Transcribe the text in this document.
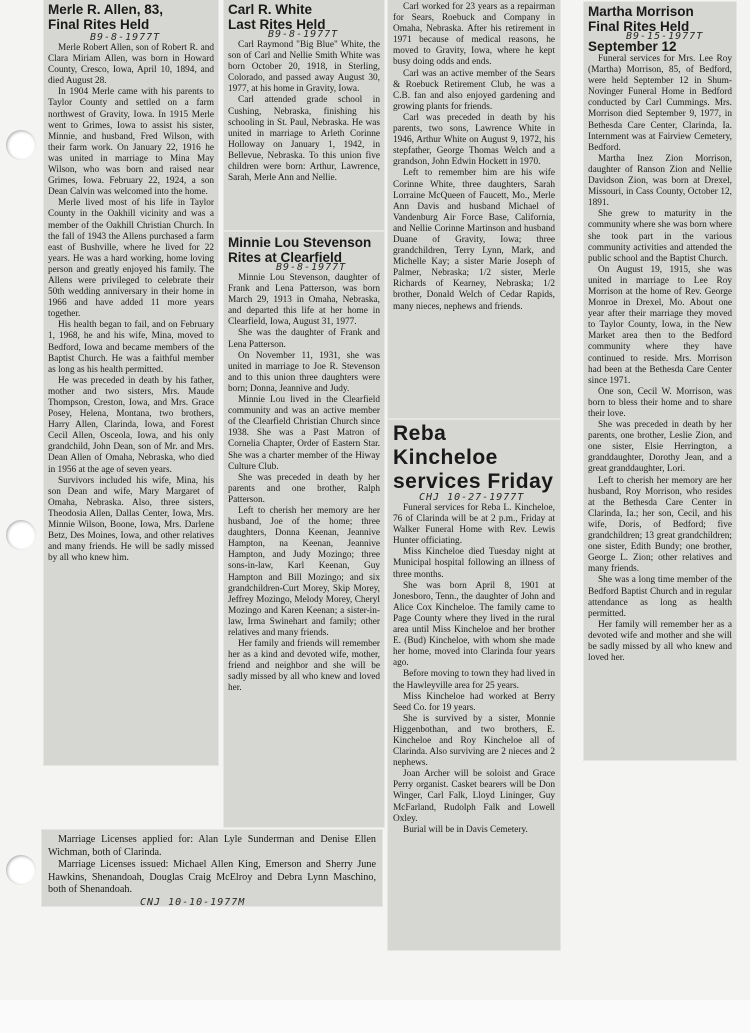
Merle R. Allen, 83,
Final Rites Held
B9-8-1977T

Merle Robert Allen, son of Robert R. and Clara Miriam Allen, was born in Howard County, Cresco, Iowa, April 10, 1894, and died August 28.

In 1904 Merle came with his parents to Taylor County and settled on a farm northwest of Gravity, Iowa. In 1915 Merle went to Grimes, Iowa to assist his sister, Minnie, and husband, Fred Wilson, with their farm work. On January 22, 1916 he was united in marriage to Mina May Wilson, who was born and raised near Grimes, Iowa. February 22, 1924, a son Dean Calvin was welcomed into the home.

Merle lived most of his life in Taylor County in the Oakhill vicinity and was a member of the Oakhill Christian Church. In the fall of 1943 the Allens purchased a farm east of Bushville, where he lived for 22 years. He was a hard working, home loving person and greatly enjoyed his family. The Allens were privileged to celebrate their 50th wedding anniversary in their home in 1966 and have added 11 more years together.

His health began to fail, and on February 1, 1968, he and his wife, Mina, moved to Bedford, Iowa and became members of the Baptist Church. He was a faithful member as long as his health permitted.

He was preceded in death by his father, mother and two sisters, Mrs. Maude Thompson, Creston, Iowa, and Mrs. Grace Posey, Helena, Montana, two brothers, Harry Allen, Clarinda, Iowa, and Forest Cecil Allen, Osceola, Iowa, and his only grandchild, John Dean, son of Mr. and Mrs. Dean Allen of Omaha, Nebraska, who died in 1956 at the age of seven years.

Survivors included his wife, Mina, his son Dean and wife, Mary Margaret of Omaha, Nebraska. Also, three sisters, Theodosia Allen, Dallas Center, Iowa, Mrs. Minnie Wilson, Boone, Iowa, Mrs. Darlene Betz, Des Moines, Iowa, and other relatives and many friends. He will be sadly missed by all who knew him.

Carl R. White
Last Rites Held
B9-8-1977T

Carl Raymond "Big Blue" White, the son of Carl and Nellie Smith White was born October 20, 1918, in Sterling, Colorado, and passed away August 30, 1977, at his home in Gravity, Iowa.

Carl attended grade school in Cushing, Nebraska, finishing his schooling in St. Paul, Nebraska. He was united in marriage to Arleth Corinne Holloway on January 1, 1942, in Bellevue, Nebraska. To this union five children were born: Arthur, Lawrence, Sarah, Merle Ann and Nellie.

Minnie Lou Stevenson
Rites at Clearfield
B9-8-1977T

Minnie Lou Stevenson, daughter of Frank and Lena Patterson, was born March 29, 1913 in Omaha, Nebraska, and departed this life at her home in Clearfield, Iowa, August 31, 1977.

She was the daughter of Frank and Lena Patterson.

On November 11, 1931, she was united in marriage to Joe R. Stevenson and to this union three daughters were born; Donna, Jeannive and Judy.

Minnie Lou lived in the Clearfield community and was an active member of the Clearfield Christian Church since 1938. She was a Past Matron of Cornelia Chapter, Order of Eastern Star. She was a charter member of the Hiway Culture Club.

She was preceded in death by her parents and one brother, Ralph Patterson.

Left to cherish her memory are her husband, Joe of the home; three daughters, Donna Keenan, Jeannive Hampton, na Keenan, Jeannive Hampton, and Judy Mozingo; three sons-in-law, Karl Keenan, Guy Hampton and Bill Mozingo; and six grandchildren-Curt Morey, Skip Morey, Jeffrey Mozingo, Melody Morey, Cheryl Mozingo and Karen Keenan; a sister-in-law, Irma Swinehart and family; other relatives and many friends.

Her family and friends will remember her as a kind and devoted wife, mother, friend and neighbor and she will be sadly missed by all who knew and loved her.

Carl worked for 23 years as a repairman for Sears, Roebuck and Company in Omaha, Nebraska. After his retirement in 1971 because of medical reasons, he moved to Gravity, Iowa, where he kept busy doing odds and ends.

Carl was an active member of the Sears & Roebuck Retirement Club, he was a C.B. fan and also enjoyed gardening and growing plants for friends.

Carl was preceded in death by his parents, two sons, Lawrence White in 1946, Arthur White on August 9, 1972, his stepfather, George Thomas Welch and a grandson, John Edwin Hockett in 1970.

Left to remember him are his wife Corinne White, three daughters, Sarah Lorraine McQueen of Faucett, Mo., Merle Ann Davis and husband Michael of Vandenburg Air Force Base, California, and Nellie Corinne Martinson and husband Duane of Gravity, Iowa; three grandchildren, Terry Lynn, Mark, and Michelle Kay; a sister Marie Joseph of Palmer, Nebraska; 1/2 sister, Merle Richards of Kearney, Nebraska; 1/2 brother, Donald Welch of Cedar Rapids, many nieces, nephews and friends.

Reba Kincheloe
services Friday
CHJ 10-27-1977T

Funeral services for Reba L. Kincheloe, 76 of Clarinda will be at 2 p.m., Friday at Walker Funeral Home with Rev. Lewis Hunter officiating.

Miss Kincheloe died Tuesday night at Municipal hospital following an illness of three months.

She was born April 8, 1901 at Jonesboro, Tenn., the daughter of John and Alice Cox Kincheloe. The family came to Page County where they lived in the rural area until Miss Kincheloe and her brother E. (Bud) Kincheloe, with whom she made her home, moved into Clarinda four years ago.

Before moving to town they had lived in the Hawleyville area for 25 years.

Miss Kincheloe had worked at Berry Seed Co. for 19 years.

She is survived by a sister, Monnie Higgenbothan, and two brothers, E. Kincheloe and Roy Kincheloe all of Clarinda. Also surviving are 2 nieces and 2 nephews.

Joan Archer will be soloist and Grace Perry organist. Casket bearers will be Don Winger, Carl Falk, Lloyd Lininger, Guy McFarland, Rudolph Falk and Lowell Oxley.

Burial will be in Davis Cemetery.

Martha Morrison
Final Rites Held
B9-15-1977T
September 12

Funeral services for Mrs. Lee Roy (Martha) Morrison, 85, of Bedford, were held September 12 in Shum-Novinger Funeral Home in Bedford conducted by Carl Cummings. Mrs. Morrison died September 9, 1977, in Bethesda Care Center, Clarinda, Ia. Internment was at Fairview Cemetery, Bedford.

Martha Inez Zion Morrison, daughter of Ranson Zion and Nellie Davidson Zion, was born at Drexel, Missouri, in Cass County, October 12, 1891.

She grew to maturity in the community where she was born where she took part in the various community activities and attended the public school and the Baptist Church.

On August 19, 1915, she was united in marriage to Lee Roy Morrison at the home of Rev. George Monroe in Drexel, Mo. About one year after their marriage they moved to Taylor County, Iowa, in the New Market area then to the Bedford community where they have continued to reside. Mrs. Morrison had been at the Bethesda Care Center since 1971.

One son, Cecil W. Morrison, was born to bless their home and to share their love.

She was preceded in death by her parents, one brother, Leslie Zion, and one sister, Elsie Herrington, a granddaughter, Dorothy Jean, and a great granddaughter, Lori.

Left to cherish her memory are her husband, Roy Morrison, who resides at the Bethesda Care Center in Clarinda, Ia.; her son, Cecil, and his wife, Doris, of Bedford; five grandchildren; 13 great grandchildren; one sister, Edith Bundy; one brother, George L. Zion; other relatives and many friends.

She was a long time member of the Bedford Baptist Church and in regular attendance as long as health permitted.

Her family will remember her as a devoted wife and mother and she will be sadly missed by all who knew and loved her.

Marriage Licenses applied for: Alan Lyle Sunderman and Denise Ellen Wichman, both of Clarinda.

Marriage Licenses issued: Michael Allen King, Emerson and Sherry June Hawkins, Shenandoah, Douglas Craig McElroy and Debra Lynn Maschino, both of Shenandoah.

CNJ 10-10-1977M
